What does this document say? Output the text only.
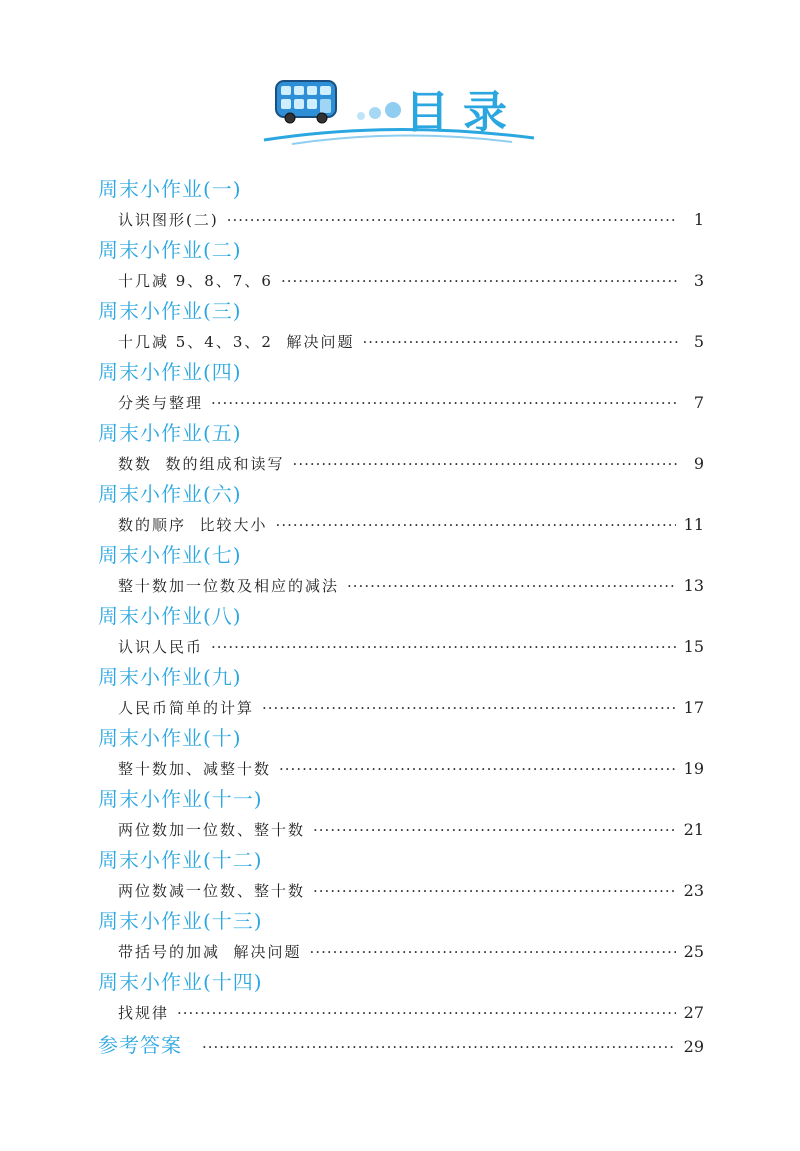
目录
周末小作业(一)
认识图形(二) ·····	1
周末小作业(二)
十几减 9、8、7、6 ·····	3
周末小作业(三)
十几减 5、4、3、2  解决问题 ·····	5
周末小作业(四)
分类与整理 ·····	7
周末小作业(五)
数数  数的组成和读写 ·····	9
周末小作业(六)
数的顺序  比较大小 ·····	11
周末小作业(七)
整十数加一位数及相应的减法 ·····	13
周末小作业(八)
认识人民币 ·····	15
周末小作业(九)
人民币简单的计算 ·····	17
周末小作业(十)
整十数加、减整十数 ·····	19
周末小作业(十一)
两位数加一位数、整十数 ·····	21
周末小作业(十二)
两位数减一位数、整十数 ·····	23
周末小作业(十三)
带括号的加减  解决问题 ·····	25
周末小作业(十四)
找规律 ·····	27
参考答案 ·····	29
